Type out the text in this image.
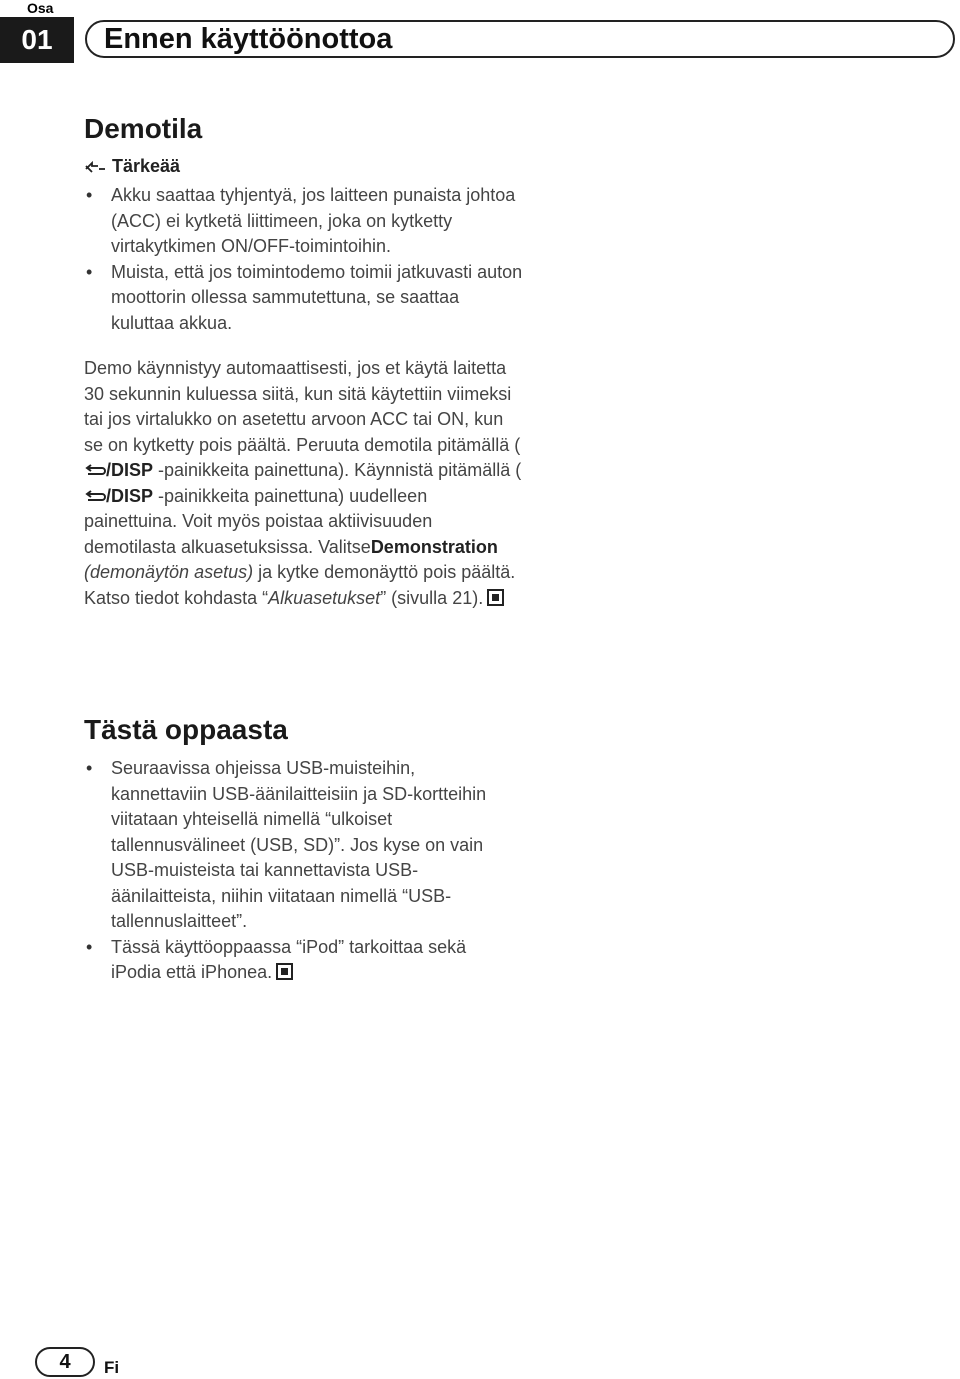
Osa
01	Ennen käyttöönottoa
Demotila
Tärkeää
• Akku saattaa tyhjentyä, jos laitteen punaista johtoa (ACC) ei kytketä liittimeen, joka on kytketty virtakytkimen ON/OFF-toimintoihin.
• Muista, että jos toimintodemo toimii jatkuvasti auton moottorin ollessa sammutettuna, se saattaa kuluttaa akkua.
Demo käynnistyy automaattisesti, jos et käytä laitetta 30 sekunnin kuluessa siitä, kun sitä käytettiin viimeksi tai jos virtalukko on asetettu arvoon ACC tai ON, kun se on kytketty pois päältä. Peruuta demotila pitämällä (/DISP -painikkeita painettuna). Käynnistä pitämällä (/DISP -painikkeita painettuna) uudelleen painettuina. Voit myös poistaa aktiivisuuden demotilasta alkuasetuksissa. ValitseDemonstration (demonäytön asetus) ja kytke demonäyttö pois päältä. Katso tiedot kohdasta “Alkuasetukset” (sivulla 21).
Tästä oppaasta
• Seuraavissa ohjeissa USB-muisteihin, kannettaviin USB-äänilaitteisiin ja SD-kortteihin viitataan yhteisellä nimellä “ulkoiset tallennusvälineet (USB, SD)”. Jos kyse on vain USB-muisteista tai kannettavista USB-äänilaitteista, niihin viitataan nimellä “USB-tallennuslaitteet”.
• Tässä käyttöoppaassa “iPod” tarkoittaa sekä iPodia että iPhonea.
4	Fi
